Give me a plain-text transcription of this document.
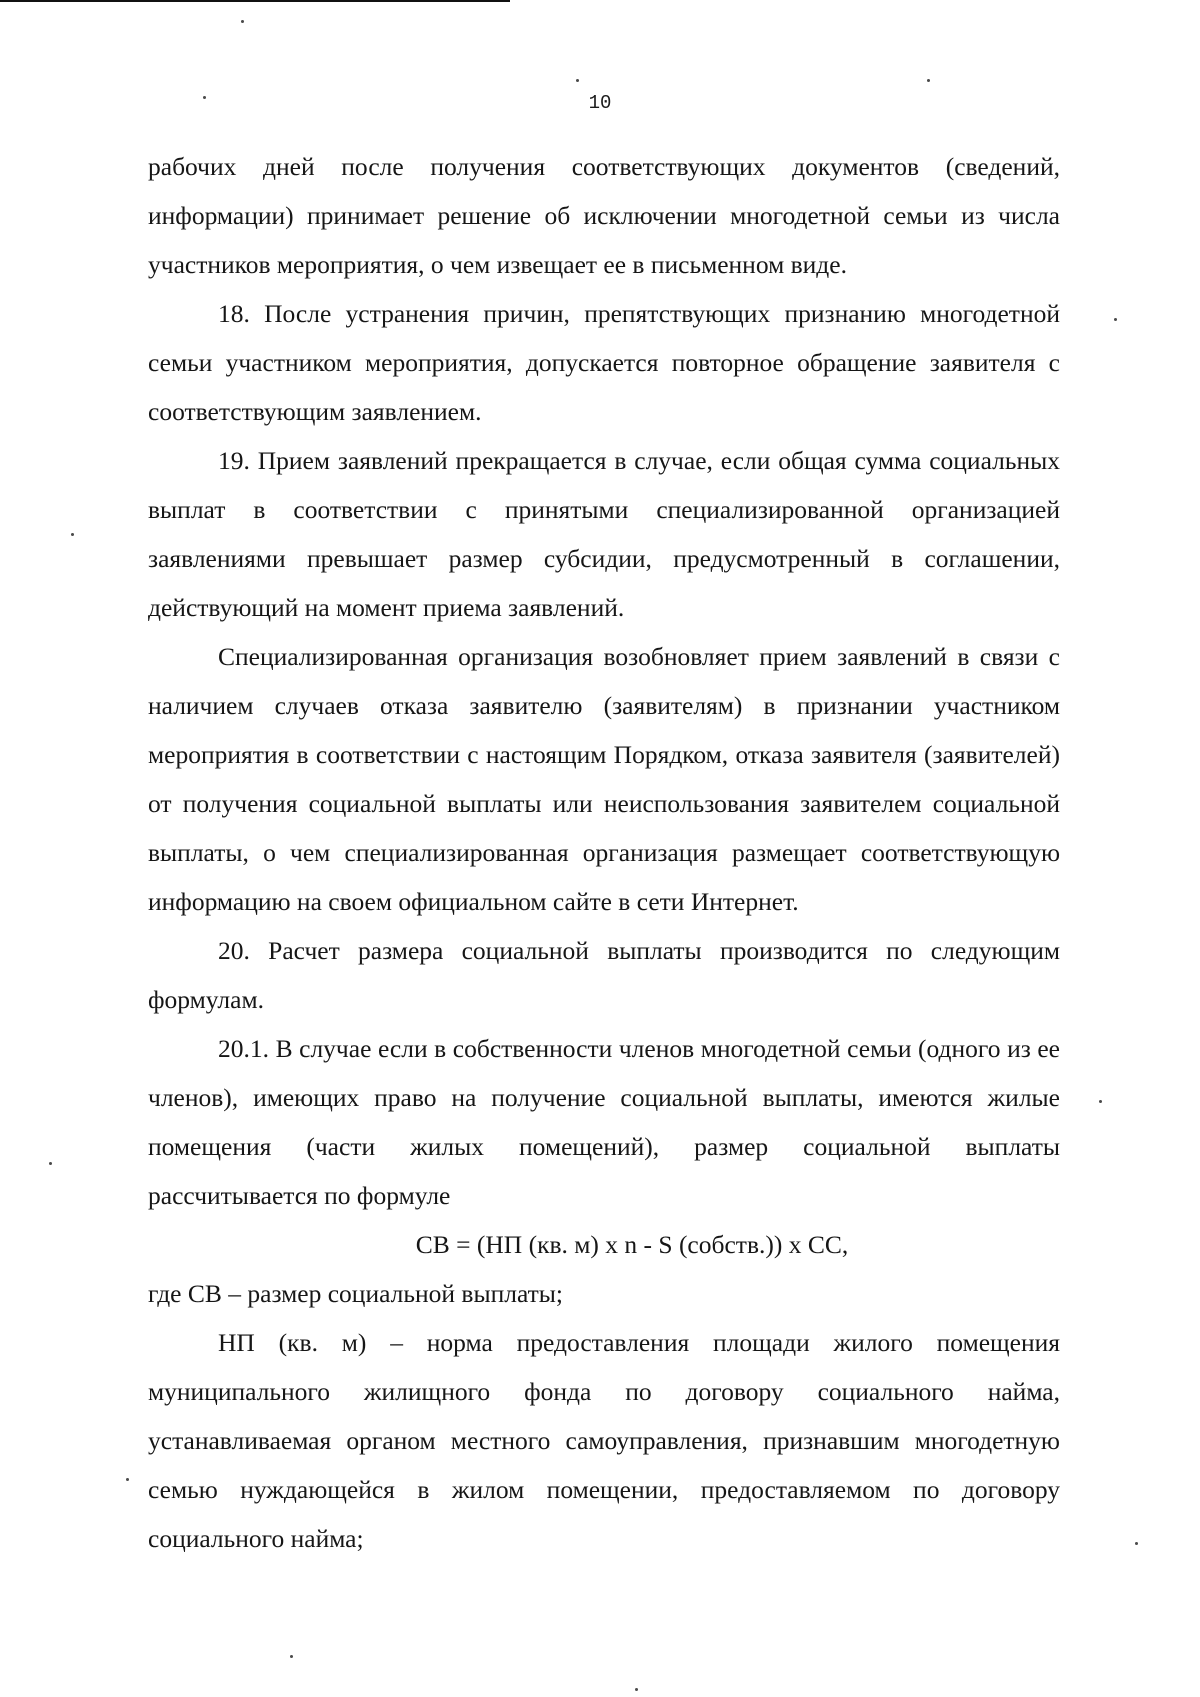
10

рабочих дней после получения соответствующих документов (сведений, информации) принимает решение об исключении многодетной семьи из числа участников мероприятия, о чем извещает ее в письменном виде.

18. После устранения причин, препятствующих признанию многодетной семьи участником мероприятия, допускается повторное обращение заявителя с соответствующим заявлением.

19. Прием заявлений прекращается в случае, если общая сумма социальных выплат в соответствии с принятыми специализированной организацией заявлениями превышает размер субсидии, предусмотренный в соглашении, действующий на момент приема заявлений.

Специализированная организация возобновляет прием заявлений в связи с наличием случаев отказа заявителю (заявителям) в признании участником мероприятия в соответствии с настоящим Порядком, отказа заявителя (заявителей) от получения социальной выплаты или неиспользования заявителем социальной выплаты, о чем специализированная организация размещает соответствующую информацию на своем официальном сайте в сети Интернет.

20. Расчет размера социальной выплаты производится по следующим формулам.

20.1. В случае если в собственности членов многодетной семьи (одного из ее членов), имеющих право на получение социальной выплаты, имеются жилые помещения (части жилых помещений), размер социальной выплаты рассчитывается по формуле

СВ = (НП (кв. м) x n - S (собств.)) x СС,

где СВ – размер социальной выплаты;

НП (кв. м) – норма предоставления площади жилого помещения муниципального жилищного фонда по договору социального найма, устанавливаемая органом местного самоуправления, признавшим многодетную семью нуждающейся в жилом помещении, предоставляемом по договору социального найма;
